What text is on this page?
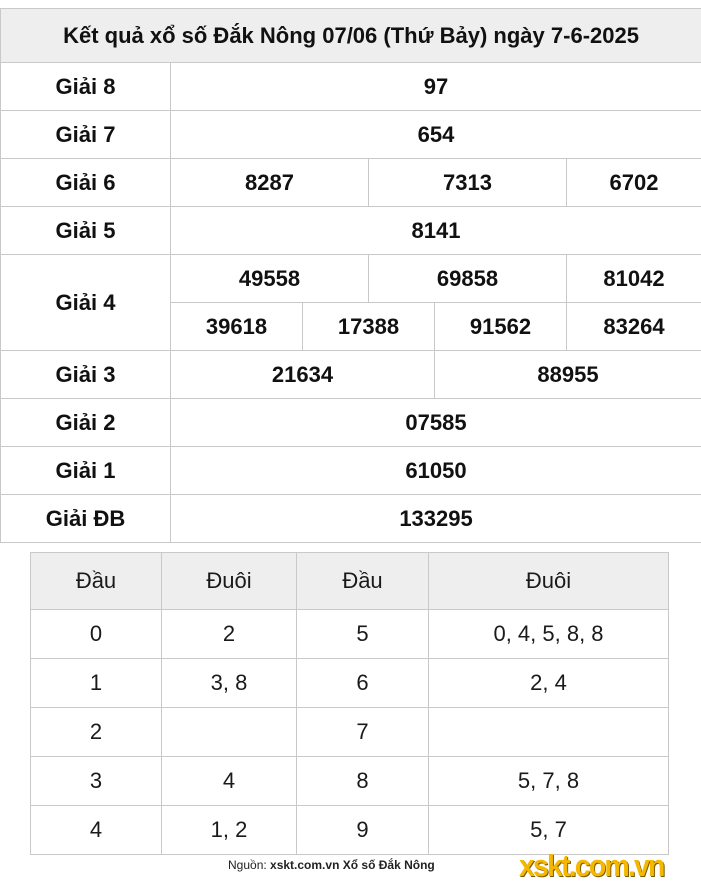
Kết quả xổ số Đắk Nông 07/06 (Thứ Bảy) ngày 7-6-2025					
Giải 8	97				
Giải 7	654				
Giải 6	8287		7313		6702
Giải 5	8141				
Giải 4	49558		69858		81042
	39618	17388		91562	83264
Giải 3	21634			88955	
Giải 2	07585				
Giải 1	61050				
Giải ĐB	133295				
Đầu	Đuôi	Đầu	Đuôi
0	2	5	0, 4, 5, 8, 8
1	3, 8	6	2, 4
2		7	
3	4	8	5, 7, 8
4	1, 2	9	5, 7
Nguồn: xskt.com.vn Xổ số Đắk Nông	xskt.com.vn
